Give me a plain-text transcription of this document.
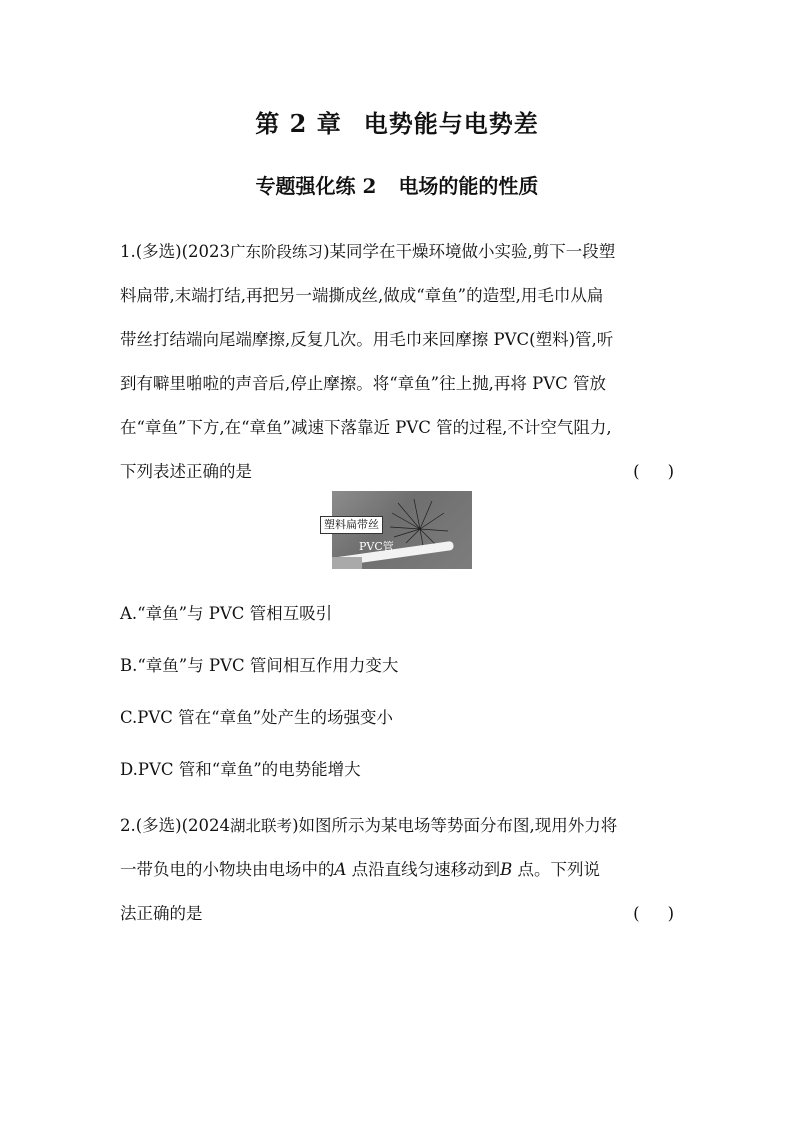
第 2 章 电势能与电势差
专题强化练 2 电场的能的性质
1.(多选)(2023广东阶段练习)某同学在干燥环境做小实验,剪下一段塑
料扁带,末端打结,再把另一端撕成丝,做成“章鱼”的造型,用毛巾从扁
带丝打结端向尾端摩擦,反复几次。用毛巾来回摩擦 PVC(塑料)管,听
到有噼里啪啦的声音后,停止摩擦。将“章鱼”往上抛,再将 PVC 管放
在“章鱼”下方,在“章鱼”减速下落靠近 PVC 管的过程,不计空气阻力,
下列表述正确的是	( )
塑料扁带丝
PVC管
A.“章鱼”与 PVC 管相互吸引
B.“章鱼”与 PVC 管间相互作用力变大
C.PVC 管在“章鱼”处产生的场强变小
D.PVC 管和“章鱼”的电势能增大
2.(多选)(2024湖北联考)如图所示为某电场等势面分布图,现用外力将
一带负电的小物块由电场中的A 点沿直线匀速移动到B 点。下列说
法正确的是	( )
